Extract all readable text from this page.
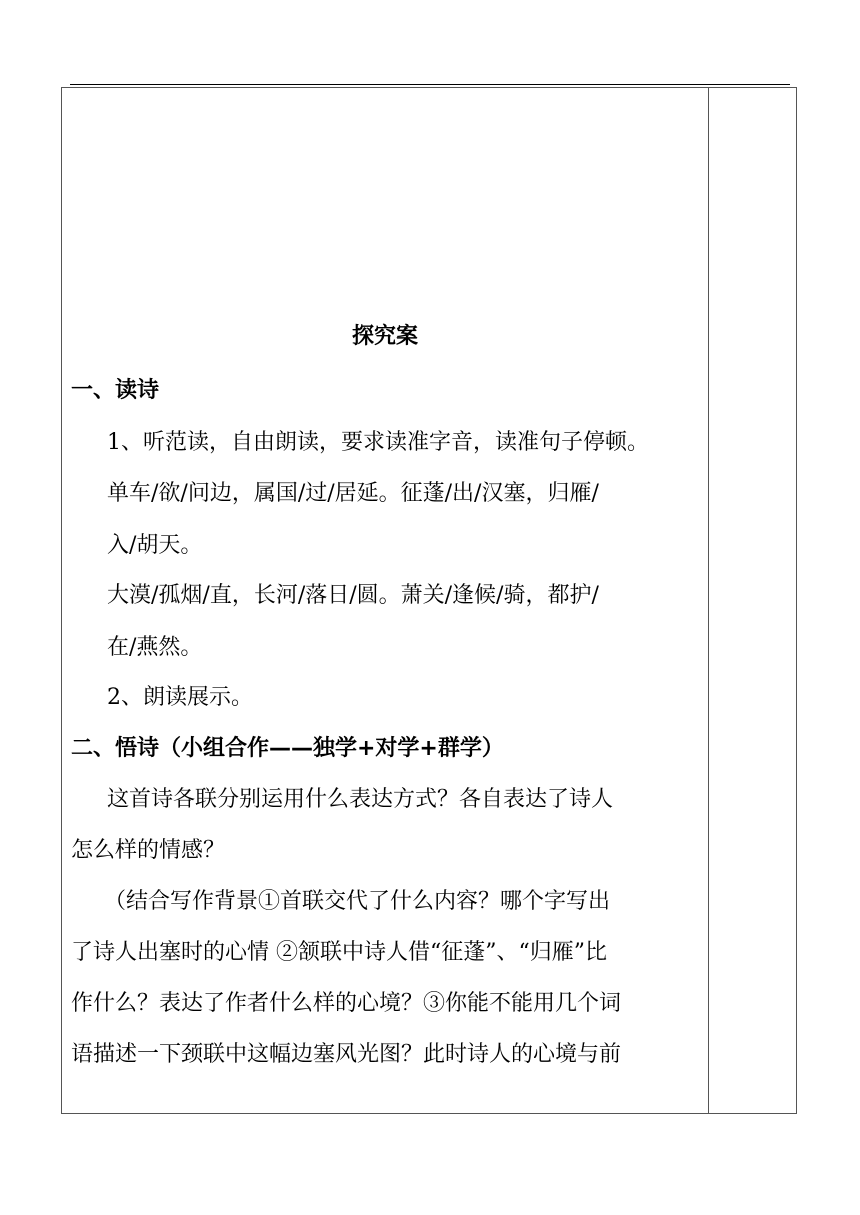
探究案
一、读诗
1、听范读，自由朗读，要求读准字音，读准句子停顿。
单车/欲/问边，属国/过/居延。征蓬/出/汉塞，归雁/
入/胡天。
大漠/孤烟/直，长河/落日/圆。萧关/逢候/骑，都护/
在/燕然。
2、朗读展示。
二、悟诗（小组合作——独学+对学+群学）
这首诗各联分别运用什么表达方式？各自表达了诗人
怎么样的情感？
（结合写作背景①首联交代了什么内容？哪个字写出
了诗人出塞时的心情 ②颔联中诗人借“征蓬”、“归雁”比
作什么？表达了作者什么样的心境？③你能不能用几个词
语描述一下颈联中这幅边塞风光图？此时诗人的心境与前
